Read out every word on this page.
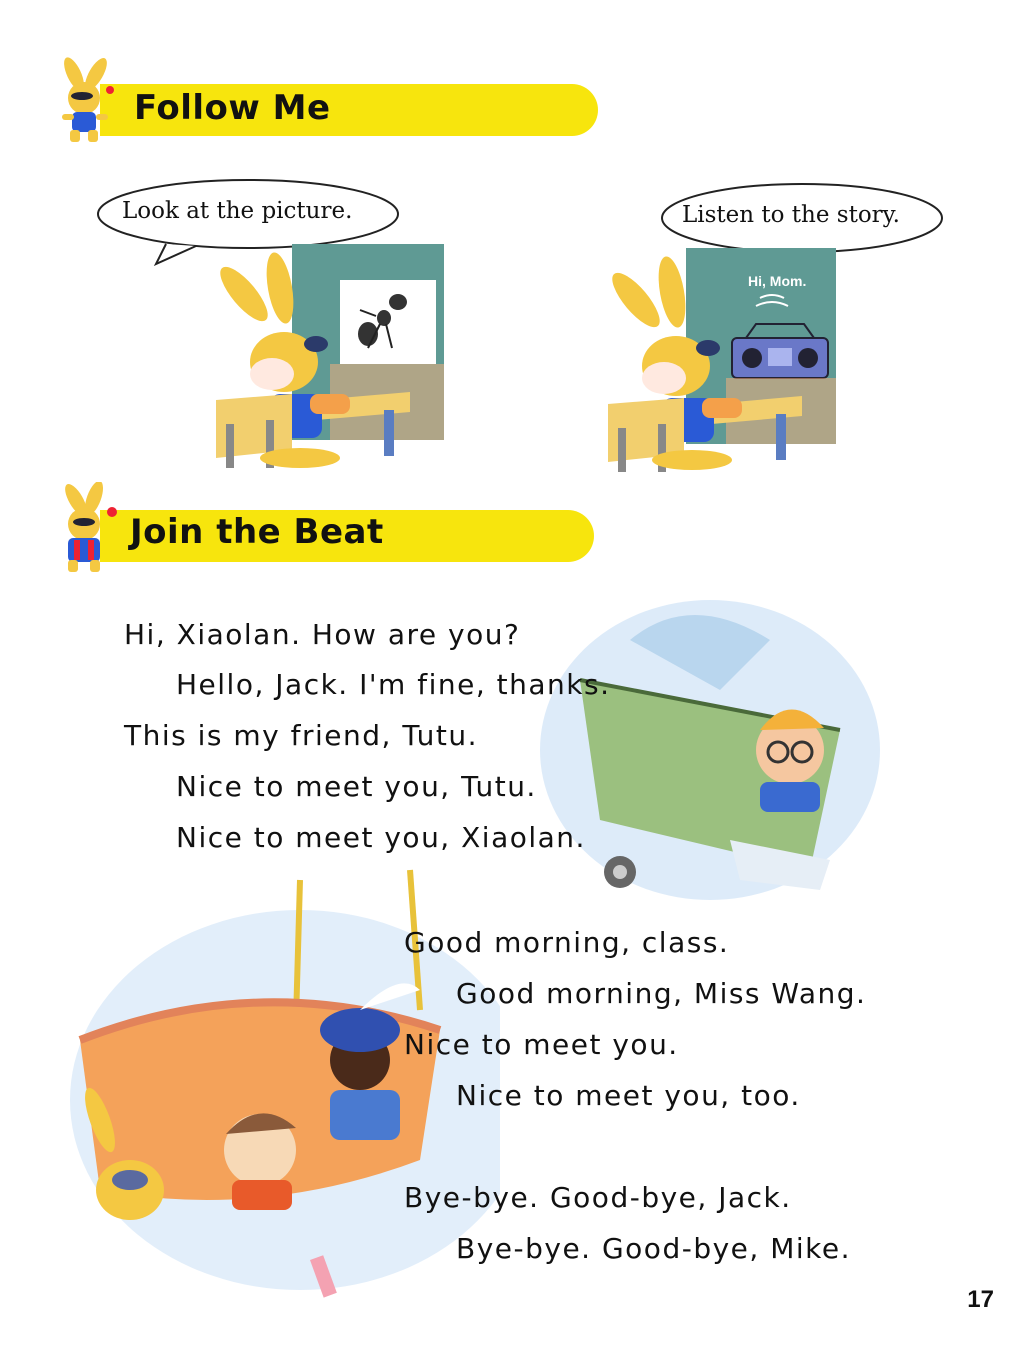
Follow Me
Look at the picture.	Listen to the story.
Hi, Mom.
Join the Beat
Hi, Xiaolan. How are you?
Hello, Jack. I'm fine, thanks.
This is my friend, Tutu.
Nice to meet you, Tutu.
Nice to meet you, Xiaolan.
Good morning, class.
Good morning, Miss Wang.
Nice to meet you.
Nice to meet you, too.
Bye-bye. Good-bye, Jack.
Bye-bye. Good-bye, Mike.
17
